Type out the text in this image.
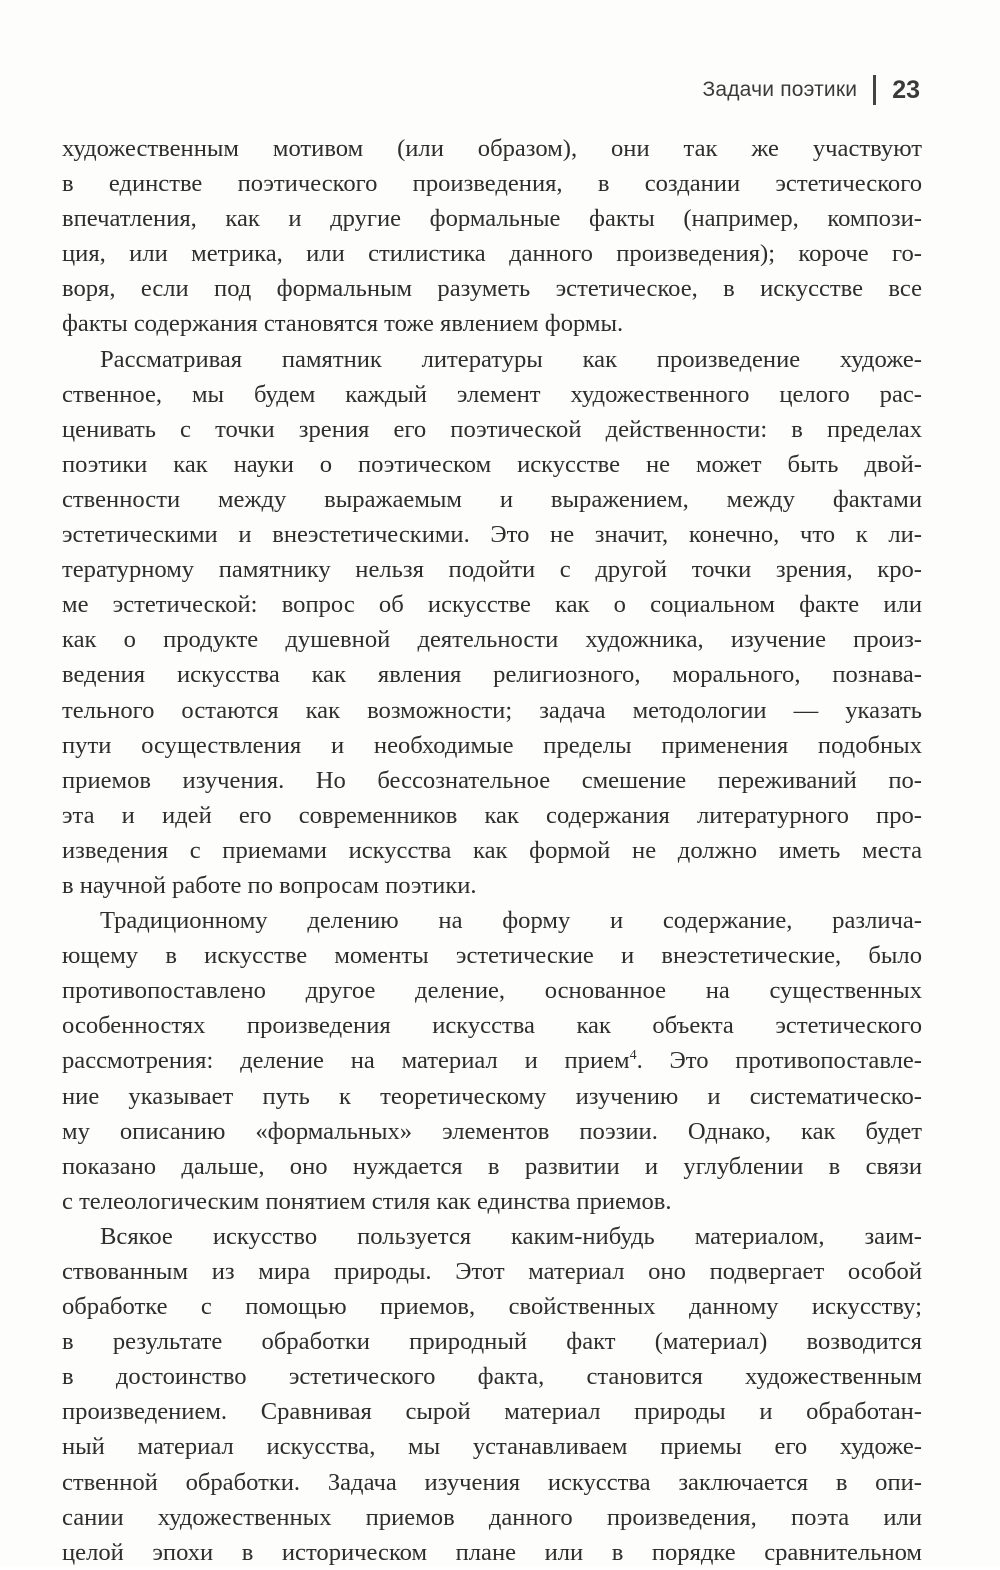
Задачи поэтики 23
художественным мотивом (или образом), они так же участвуют
в единстве поэтического произведения, в создании эстетического
впечатления, как и другие формальные факты (например, компози-
ция, или метрика, или стилистика данного произведения); короче го-
воря, если под формальным разуметь эстетическое, в искусстве все
факты содержания становятся тоже явлением формы.
Рассматривая памятник литературы как произведение художе-
ственное, мы будем каждый элемент художественного целого рас-
ценивать с точки зрения его поэтической действенности: в пределах
поэтики как науки о поэтическом искусстве не может быть двой-
ственности между выражаемым и выражением, между фактами
эстетическими и внеэстетическими. Это не значит, конечно, что к ли-
тературному памятнику нельзя подойти с другой точки зрения, кро-
ме эстетической: вопрос об искусстве как о социальном факте или
как о продукте душевной деятельности художника, изучение произ-
ведения искусства как явления религиозного, морального, познава-
тельного остаются как возможности; задача методологии — указать
пути осуществления и необходимые пределы применения подобных
приемов изучения. Но бессознательное смешение переживаний по-
эта и идей его современников как содержания литературного про-
изведения с приемами искусства как формой не должно иметь места
в научной работе по вопросам поэтики.
Традиционному делению на форму и содержание, различа-
ющему в искусстве моменты эстетические и внеэстетические, было
противопоставлено другое деление, основанное на существенных
особенностях произведения искусства как объекта эстетического
рассмотрения: деление на материал и прием$^4$. Это противопоставле-
ние указывает путь к теоретическому изучению и систематическо-
му описанию «формальных» элементов поэзии. Однако, как будет
показано дальше, оно нуждается в развитии и углублении в связи
с телеологическим понятием стиля как единства приемов.
Всякое искусство пользуется каким-нибудь материалом, заим-
ствованным из мира природы. Этот материал оно подвергает особой
обработке с помощью приемов, свойственных данному искусству;
в результате обработки природный факт (материал) возводится
в достоинство эстетического факта, становится художественным
произведением. Сравнивая сырой материал природы и обработан-
ный материал искусства, мы устанавливаем приемы его художе-
ственной обработки. Задача изучения искусства заключается в опи-
сании художественных приемов данного произведения, поэта или
целой эпохи в историческом плане или в порядке сравнительном
